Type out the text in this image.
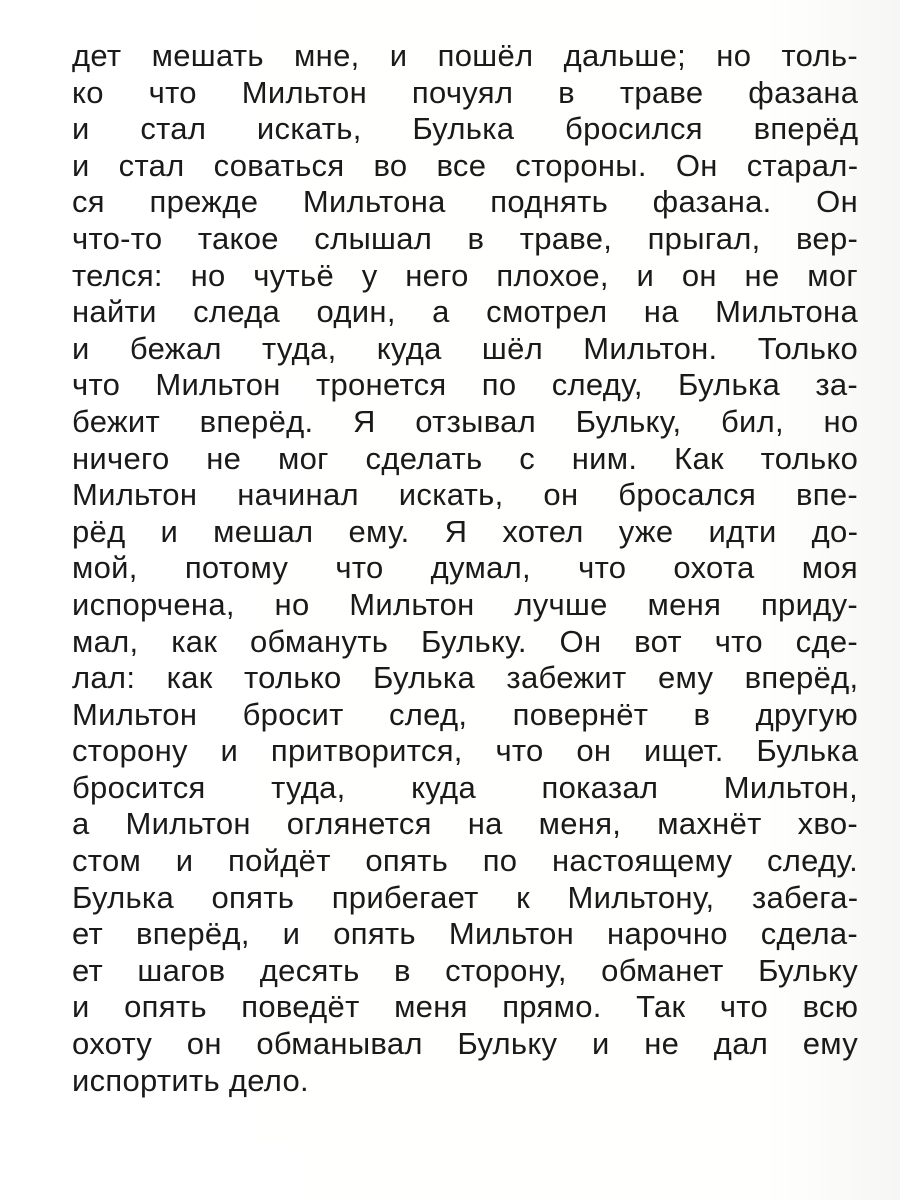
дет мешать мне, и пошёл дальше; но толь-
ко что Мильтон почуял в траве фазана
и стал искать, Булька бросился вперёд
и стал соваться во все стороны. Он старал-
ся прежде Мильтона поднять фазана. Он
что-то такое слышал в траве, прыгал, вер-
телся: но чутьё у него плохое, и он не мог
найти следа один, а смотрел на Мильтона
и бежал туда, куда шёл Мильтон. Только
что Мильтон тронется по следу, Булька за-
бежит вперёд. Я отзывал Бульку, бил, но
ничего не мог сделать с ним. Как только
Мильтон начинал искать, он бросался впе-
рёд и мешал ему. Я хотел уже идти до-
мой, потому что думал, что охота моя
испорчена, но Мильтон лучше меня приду-
мал, как обмануть Бульку. Он вот что сде-
лал: как только Булька забежит ему вперёд,
Мильтон бросит след, повернёт в другую
сторону и притворится, что он ищет. Булька
бросится туда, куда показал Мильтон,
а Мильтон оглянется на меня, махнёт хво-
стом и пойдёт опять по настоящему следу.
Булька опять прибегает к Мильтону, забега-
ет вперёд, и опять Мильтон нарочно сдела-
ет шагов десять в сторону, обманет Бульку
и опять поведёт меня прямо. Так что всю
охоту он обманывал Бульку и не дал ему
испортить дело.
